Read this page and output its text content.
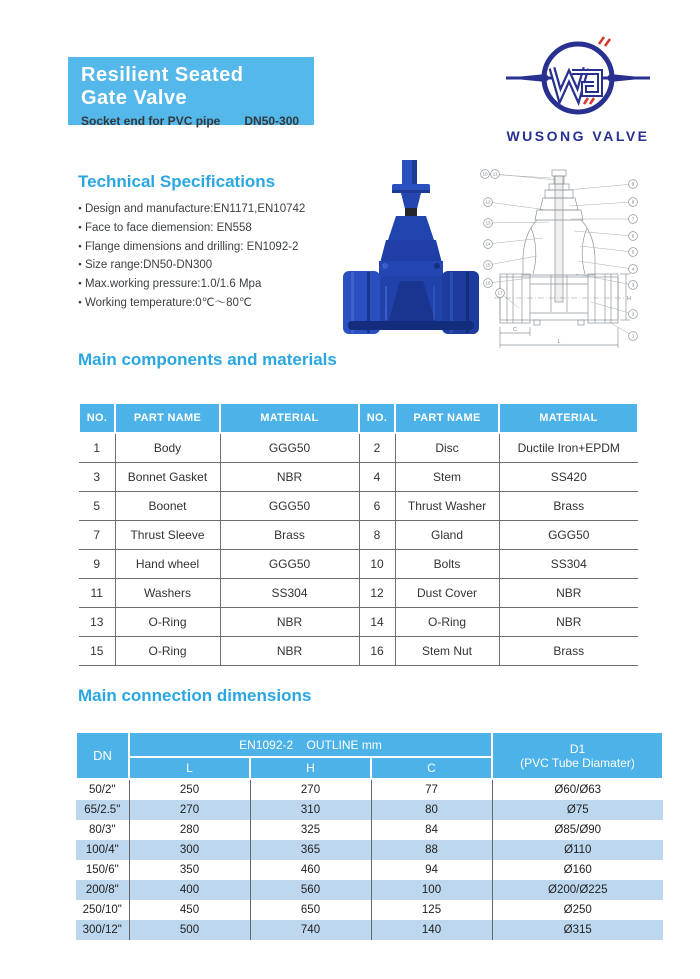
Resilient Seated
Gate Valve
Socket end for PVC pipe DN50-300
WUSONG VALVE
Technical Specifications
● Design and manufacture:EN1171,EN10742
● Face to face diemension: EN558
● Flange dimensions and drilling: EN1092-2
● Size range:DN50-DN300
● Max.working pressure:1.0/1.6 Mpa
● Working temperature:0℃～80℃
10 11
12
13
14
15
16
17
9
8
7
6
5
4
3
2
1
H
C
L
Main components and materials
NO.	PART NAME	MATERIAL	NO.	PART NAME	MATERIAL
1	Body	GGG50	2	Disc	Ductile Iron+EPDM
3	Bonnet Gasket	NBR	4	Stem	SS420
5	Boonet	GGG50	6	Thrust Washer	Brass
7	Thrust Sleeve	Brass	8	Gland	GGG50
9	Hand wheel	GGG50	10	Bolts	SS304
11	Washers	SS304	12	Dust Cover	NBR
13	O-Ring	NBR	14	O-Ring	NBR
15	O-Ring	NBR	16	Stem Nut	Brass
Main connection dimensions
DN	EN1092-2    OUTLINE mm			D1
(PVC Tube Diamater)

	L	H	C	
50/2"	250	270	77	Ø60/Ø63
65/2.5"	270	310	80	Ø75
80/3"	280	325	84	Ø85/Ø90
100/4"	300	365	88	Ø110
150/6"	350	460	94	Ø160
200/8"	400	560	100	Ø200/Ø225
250/10"	450	650	125	Ø250
300/12"	500	740	140	Ø315
